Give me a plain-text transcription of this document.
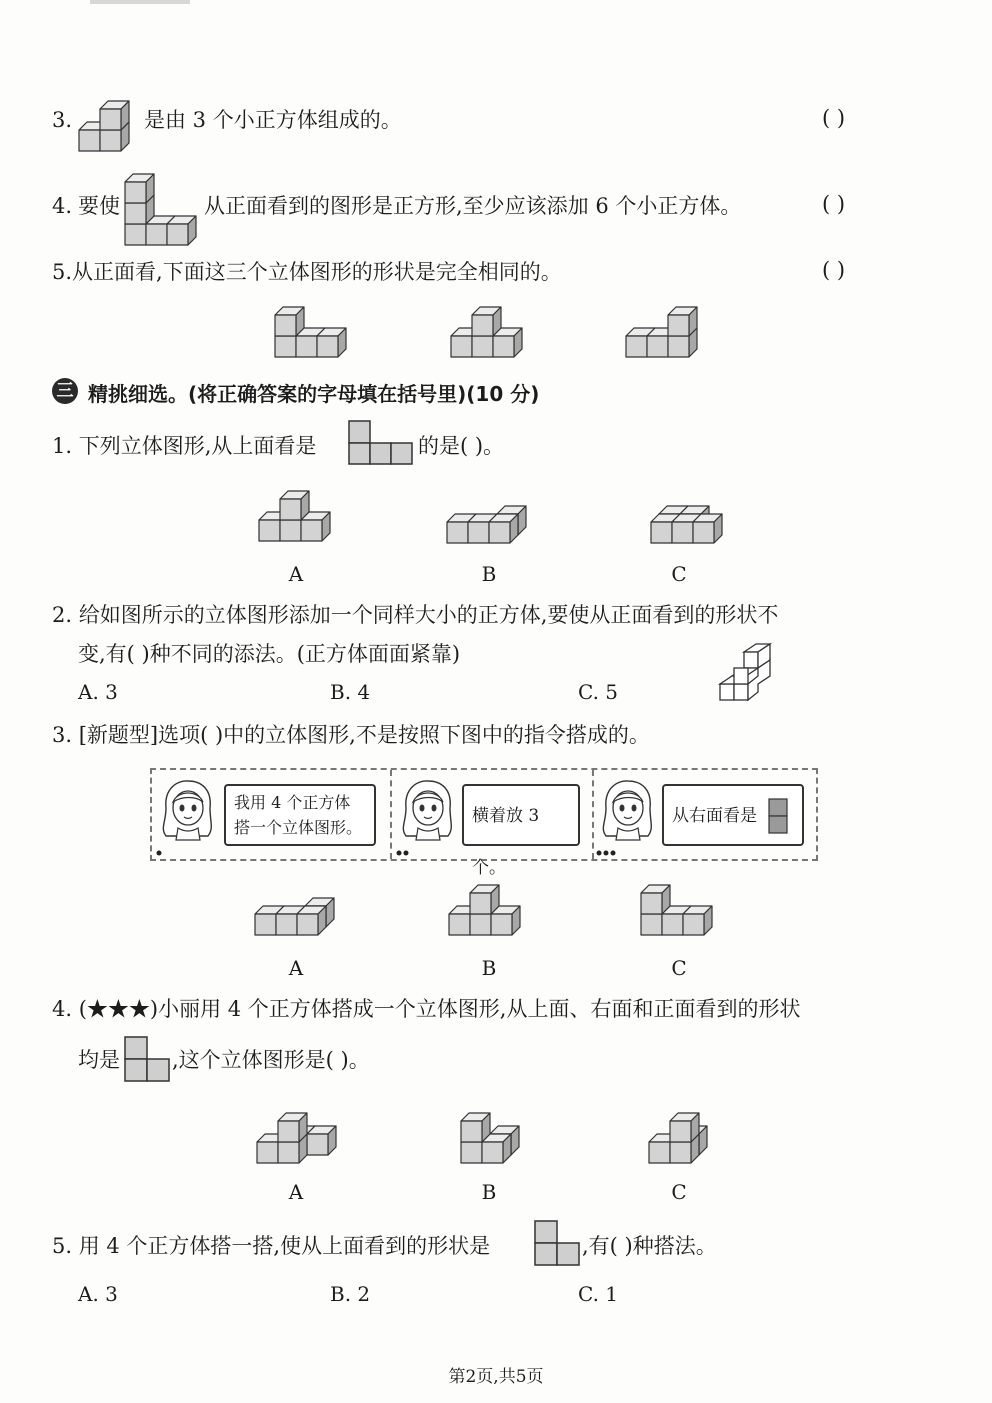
3.	是由 3 个小正方体组成的。	( )
4. 要使	从正面看到的图形是正方形,至少应该添加 6 个小正方体。	( )
5.从正面看,下面这三个立体图形的形状是完全相同的。	( )
三 精挑细选。(将正确答案的字母填在括号里)(10 分)
1. 下列立体图形,从上面看是	的是( )。
A	B	C
2. 给如图所示的立体图形添加一个同样大小的正方体,要使从正面看到的形状不
变,有( )种不同的添法。(正方体面面紧靠)
A. 3	B. 4	C. 5
3. [新题型]选项( )中的立体图形,不是按照下图中的指令搭成的。
我用 4 个正方体搭一个立体图形。
横着放 3 个。
从右面看是
A	B	C
4. (★★★)小丽用 4 个正方体搭成一个立体图形,从上面、右面和正面看到的形状
均是 ,这个立体图形是( )。
A	B	C
5. 用 4 个正方体搭一搭,使从上面看到的形状是	,有( )种搭法。
A. 3	B. 2	C. 1
第2页,共5页
